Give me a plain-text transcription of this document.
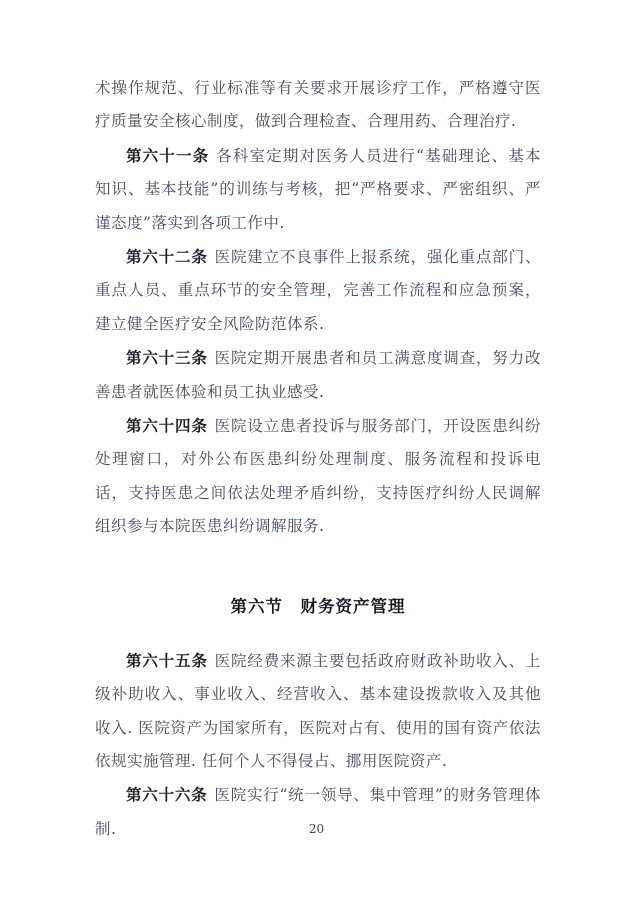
术操作规范、行业标准等有关要求开展诊疗工作，严格遵守医疗质量安全核心制度，做到合理检查、合理用药、合理治疗.

第六十一条 各科室定期对医务人员进行“基础理论、基本知识、基本技能”的训练与考核，把“严格要求、严密组织、严谨态度”落实到各项工作中.

第六十二条 医院建立不良事件上报系统，强化重点部门、重点人员、重点环节的安全管理，完善工作流程和应急预案，建立健全医疗安全风险防范体系.

第六十三条 医院定期开展患者和员工满意度调查，努力改善患者就医体验和员工执业感受.

第六十四条 医院设立患者投诉与服务部门，开设医患纠纷处理窗口，对外公布医患纠纷处理制度、服务流程和投诉电话，支持医患之间依法处理矛盾纠纷，支持医疗纠纷人民调解组织参与本院医患纠纷调解服务.

第六节　财务资产管理

第六十五条 医院经费来源主要包括政府财政补助收入、上级补助收入、事业收入、经营收入、基本建设拨款收入及其他收入. 医院资产为国家所有，医院对占有、使用的国有资产依法依规实施管理. 任何个人不得侵占、挪用医院资产.

第六十六条 医院实行“统一领导、集中管理”的财务管理体制.	20
